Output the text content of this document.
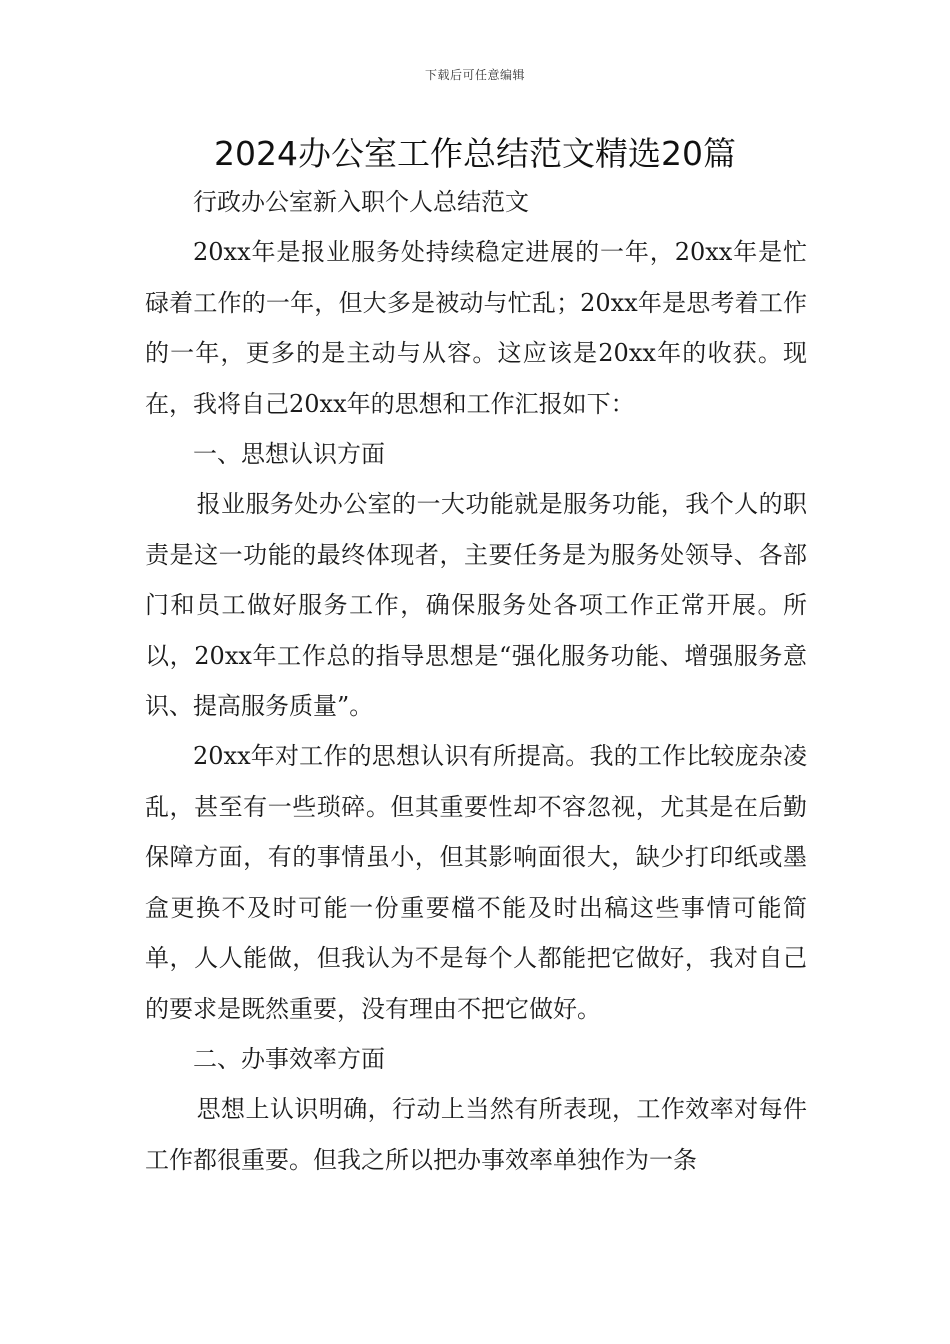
下载后可任意编辑
2024办公室工作总结范文精选20篇

行政办公室新入职个人总结范文

20xx年是报业服务处持续稳定进展的一年，20xx年是忙碌着工作的一年，但大多是被动与忙乱；20xx年是思考着工作的一年，更多的是主动与从容。这应该是20xx年的收获。现在，我将自己20xx年的思想和工作汇报如下：

一、思想认识方面

报业服务处办公室的一大功能就是服务功能，我个人的职责是这一功能的最终体现者，主要任务是为服务处领导、各部门和员工做好服务工作，确保服务处各项工作正常开展。所以，20xx年工作总的指导思想是“强化服务功能、增强服务意识、提高服务质量”。

20xx年对工作的思想认识有所提高。我的工作比较庞杂凌乱，甚至有一些琐碎。但其重要性却不容忽视，尤其是在后勤保障方面，有的事情虽小，但其影响面很大，缺少打印纸或墨盒更换不及时可能一份重要檔不能及时出稿这些事情可能简单，人人能做，但我认为不是每个人都能把它做好，我对自己的要求是既然重要，没有理由不把它做好。

二、办事效率方面

思想上认识明确，行动上当然有所表现，工作效率对每件工作都很重要。但我之所以把办事效率单独作为一条
